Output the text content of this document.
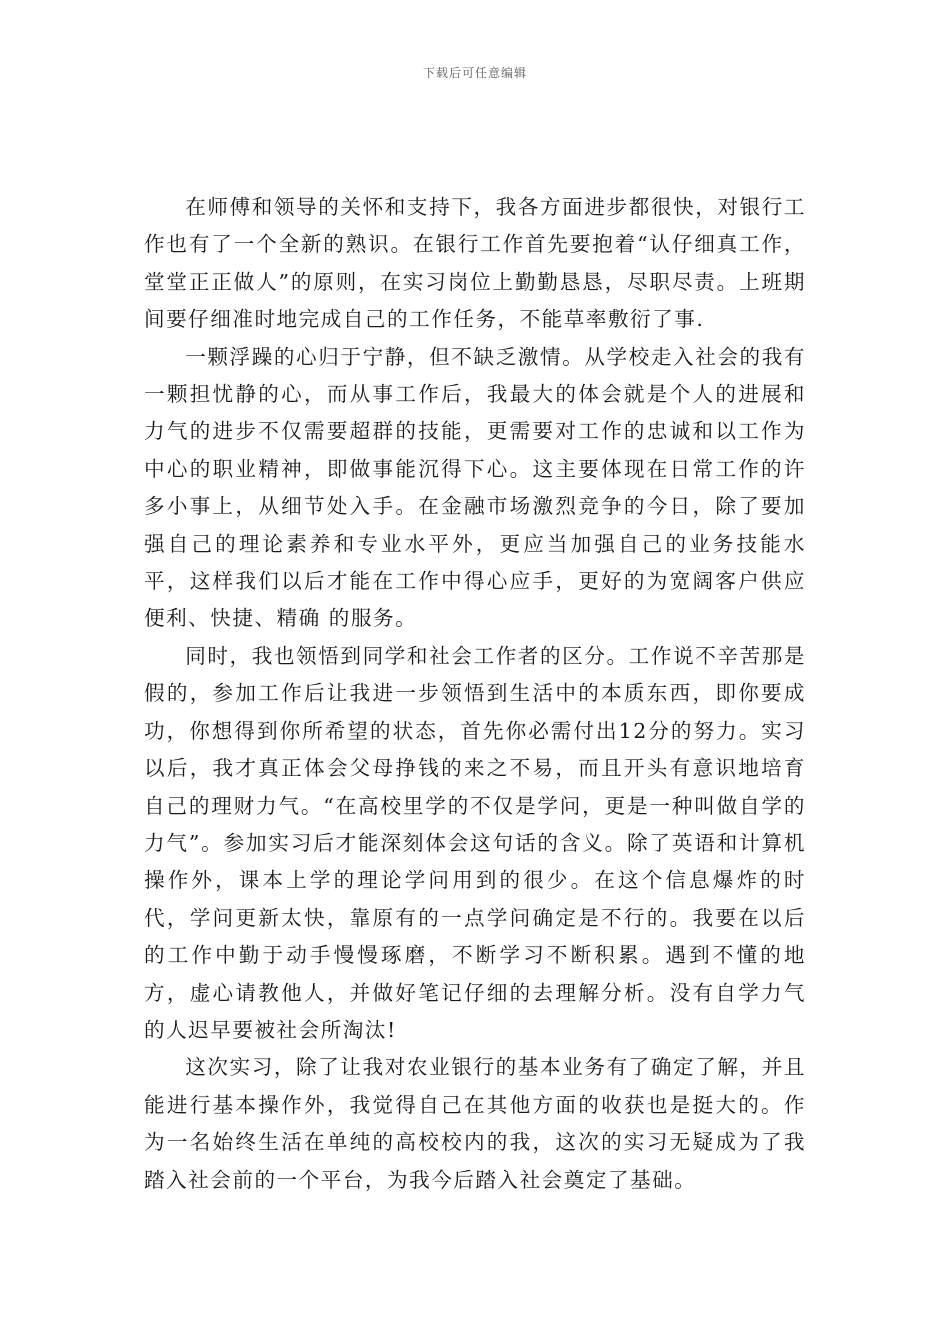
下载后可任意编辑

在师傅和领导的关怀和支持下，我各方面进步都很快，对银行工作也有了一个全新的熟识。在银行工作首先要抱着“认仔细真工作，堂堂正正做人”的原则，在实习岗位上勤勤恳恳，尽职尽责。上班期间要仔细准时地完成自己的工作任务，不能草率敷衍了事.

一颗浮躁的心归于宁静，但不缺乏激情。从学校走入社会的我有一颗担忧静的心，而从事工作后，我最大的体会就是个人的进展和力气的进步不仅需要超群的技能，更需要对工作的忠诚和以工作为中心的职业精神，即做事能沉得下心。这主要体现在日常工作的许多小事上，从细节处入手。在金融市场激烈竞争的今日，除了要加强自己的理论素养和专业水平外，更应当加强自己的业务技能水平，这样我们以后才能在工作中得心应手，更好的为宽阔客户供应便利、快捷、精确 的服务。

同时，我也领悟到同学和社会工作者的区分。工作说不辛苦那是假的，参加工作后让我进一步领悟到生活中的本质东西，即你要成功，你想得到你所希望的状态，首先你必需付出12分的努力。实习以后，我才真正体会父母挣钱的来之不易，而且开头有意识地培育自己的理财力气。“在高校里学的不仅是学问，更是一种叫做自学的力气”。参加实习后才能深刻体会这句话的含义。除了英语和计算机操作外，课本上学的理论学问用到的很少。在这个信息爆炸的时代，学问更新太快，靠原有的一点学问确定是不行的。我要在以后的工作中勤于动手慢慢琢磨，不断学习不断积累。遇到不懂的地方，虚心请教他人，并做好笔记仔细的去理解分析。没有自学力气的人迟早要被社会所淘汰!

这次实习，除了让我对农业银行的基本业务有了确定了解，并且能进行基本操作外，我觉得自己在其他方面的收获也是挺大的。作为一名始终生活在单纯的高校校内的我，这次的实习无疑成为了我踏入社会前的一个平台，为我今后踏入社会奠定了基础。
